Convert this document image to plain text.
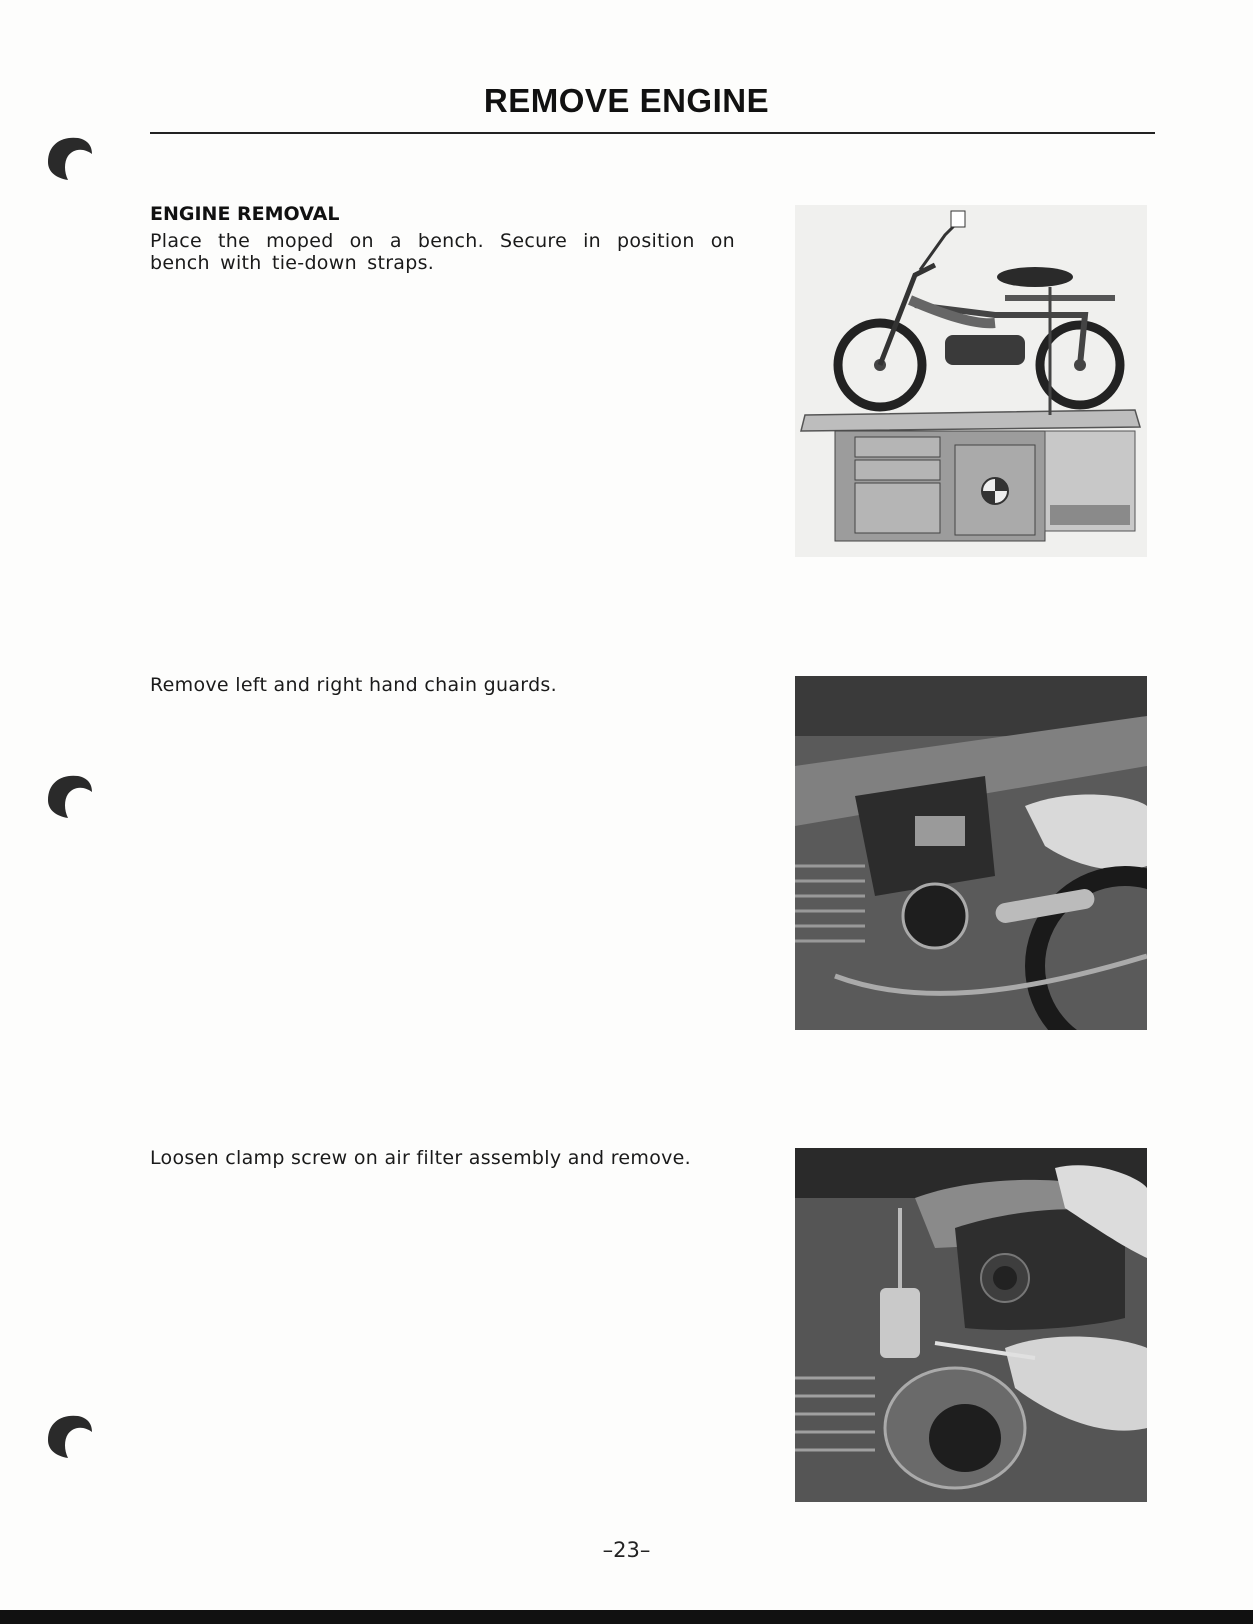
REMOVE ENGINE
ENGINE REMOVAL
Place the moped on a bench. Secure in position on bench with tie-down straps.
Remove left and right hand chain guards.
Loosen clamp screw on air filter assembly and remove.

–23–
